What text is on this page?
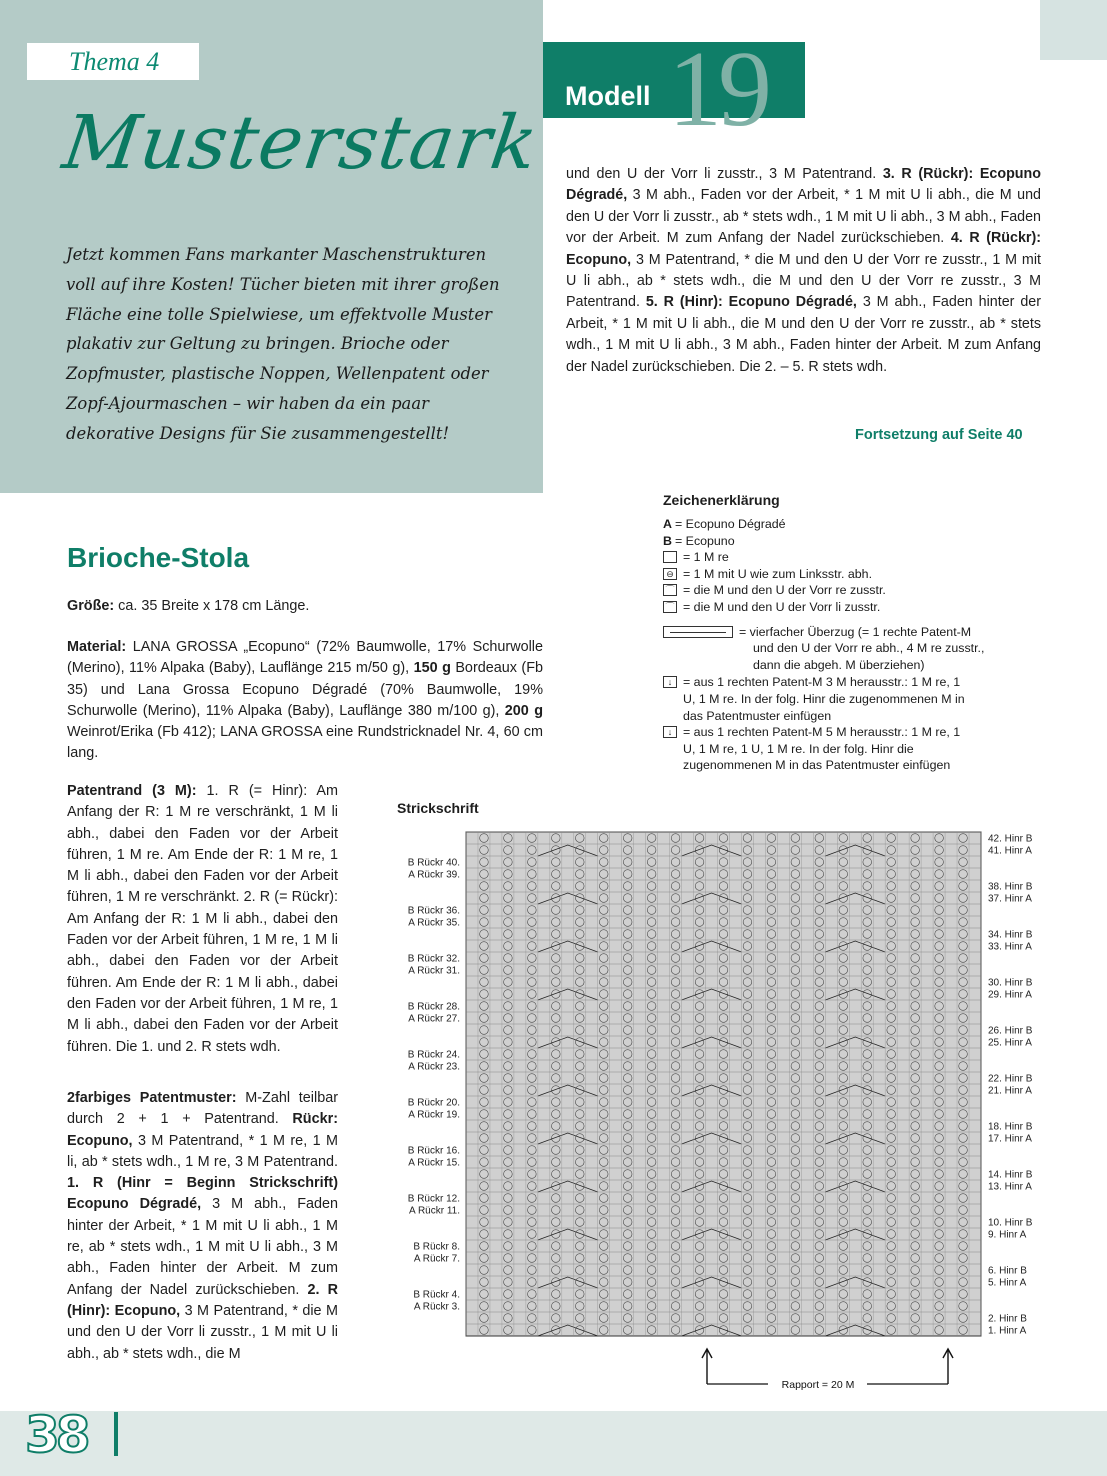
Thema 4
Musterstark
Jetzt kommen Fans markanter Maschenstrukturen voll auf ihre Kosten! Tücher bieten mit ihrer großen Fläche eine tolle Spielwiese, um effektvolle Muster plakativ zur Geltung zu bringen. Brioche oder Zopfmuster, plastische Noppen, Wellenpatent oder Zopf-Ajourmaschen – wir haben da ein paar dekorative Designs für Sie zusammengestellt!
Modell 19
und den U der Vorr li zusstr., 3 M Patentrand. 3. R (Rückr): Ecopuno Dégradé, 3 M abh., Faden vor der Arbeit, * 1 M mit U li abh., die M und den U der Vorr li zusstr., ab * stets wdh., 1 M mit U li abh., 3 M abh., Faden vor der Arbeit. M zum Anfang der Nadel zurückschieben. 4. R (Rückr): Ecopuno, 3 M Patentrand, * die M und den U der Vorr re zusstr., 1 M mit U li abh., ab * stets wdh., die M und den U der Vorr re zusstr., 3 M Patentrand. 5. R (Hinr): Ecopuno Dégradé, 3 M abh., Faden hinter der Arbeit, * 1 M mit U li abh., die M und den U der Vorr re zusstr., ab * stets wdh., 1 M mit U li abh., 3 M abh., Faden hinter der Arbeit. M zum Anfang der Nadel zurückschieben. Die 2. – 5. R stets wdh.
Fortsetzung auf Seite 40
Brioche-Stola
Größe: ca. 35 Breite x 178 cm Länge.
Material: LANA GROSSA „Ecopuno“ (72% Baumwolle, 17% Schurwolle (Merino), 11% Alpaka (Baby), Lauflänge 215 m/50 g), 150 g Bordeaux (Fb 35) und Lana Grossa Ecopuno Dégradé (70% Baumwolle, 19% Schurwolle (Merino), 11% Alpaka (Baby), Lauflänge 380 m/100 g), 200 g Weinrot/Erika (Fb 412); LANA GROSSA eine Rundstricknadel Nr. 4, 60 cm lang.
Patentrand (3 M): 1. R (= Hinr): Am Anfang der R: 1 M re verschränkt, 1 M li abh., dabei den Faden vor der Arbeit führen, 1 M re. Am Ende der R: 1 M re, 1 M li abh., dabei den Faden vor der Arbeit führen, 1 M re verschränkt. 2. R (= Rückr): Am Anfang der R: 1 M li abh., dabei den Faden vor der Arbeit führen, 1 M re, 1 M li abh., dabei den Faden vor der Arbeit führen. Am Ende der R: 1 M li abh., dabei den Faden vor der Arbeit führen, 1 M re, 1 M li abh., dabei den Faden vor der Arbeit führen. Die 1. und 2. R stets wdh.
2farbiges Patentmuster: M-Zahl teilbar durch 2 + 1 + Patentrand. Rückr: Ecopuno, 3 M Patentrand, * 1 M re, 1 M li, ab * stets wdh., 1 M re, 3 M Patentrand. 1. R (Hinr = Beginn Strickschrift) Ecopuno Dégradé, 3 M abh., Faden hinter der Arbeit, * 1 M mit U li abh., 1 M re, ab * stets wdh., 1 M mit U li abh., 3 M abh., Faden hinter der Arbeit. M zum Anfang der Nadel zurückschieben. 2. R (Hinr): Ecopuno, 3 M Patentrand, * die M und den U der Vorr li zusstr., 1 M mit U li abh., ab * stets wdh., die M
Zeichenerklärung
A = Ecopuno Dégradé
B = Ecopuno
= 1 M re
⊖ = 1 M mit U wie zum Linksstr. abh.
⌒ = die M und den U der Vorr re zusstr.
⌒ = die M und den U der Vorr li zusstr.
= vierfacher Überzug (= 1 rechte Patent-M
und den U der Vorr re abh., 4 M re zusstr.,
dann die abgeh. M überziehen)
↓ = aus 1 rechten Patent-M 3 M herausstr.: 1 M re, 1
U, 1 M re. In der folg. Hinr die zugenommenen M in
das Patentmuster einfügen
↓ = aus 1 rechten Patent-M 5 M herausstr.: 1 M re, 1
U, 1 M re, 1 U, 1 M re. In der folg. Hinr die
zugenommenen M in das Patentmuster einfügen
Strickschrift
B Rückr 40.
A Rückr 39.
B Rückr 36.
A Rückr 35.
B Rückr 32.
A Rückr 31.
B Rückr 28.
A Rückr 27.
B Rückr 24.
A Rückr 23.
B Rückr 20.
A Rückr 19.
B Rückr 16.
A Rückr 15.
B Rückr 12.
A Rückr 11.
B Rückr 8.
A Rückr 7.
B Rückr 4.
A Rückr 3.
42. Hinr B
41. Hinr A
38. Hinr B
37. Hinr A
34. Hinr B
33. Hinr A
30. Hinr B
29. Hinr A
26. Hinr B
25. Hinr A
22. Hinr B
21. Hinr A
18. Hinr B
17. Hinr A
14. Hinr B
13. Hinr A
10. Hinr B
9. Hinr A
6. Hinr B
5. Hinr A
2. Hinr B
1. Hinr A
Rapport = 20 M
38
